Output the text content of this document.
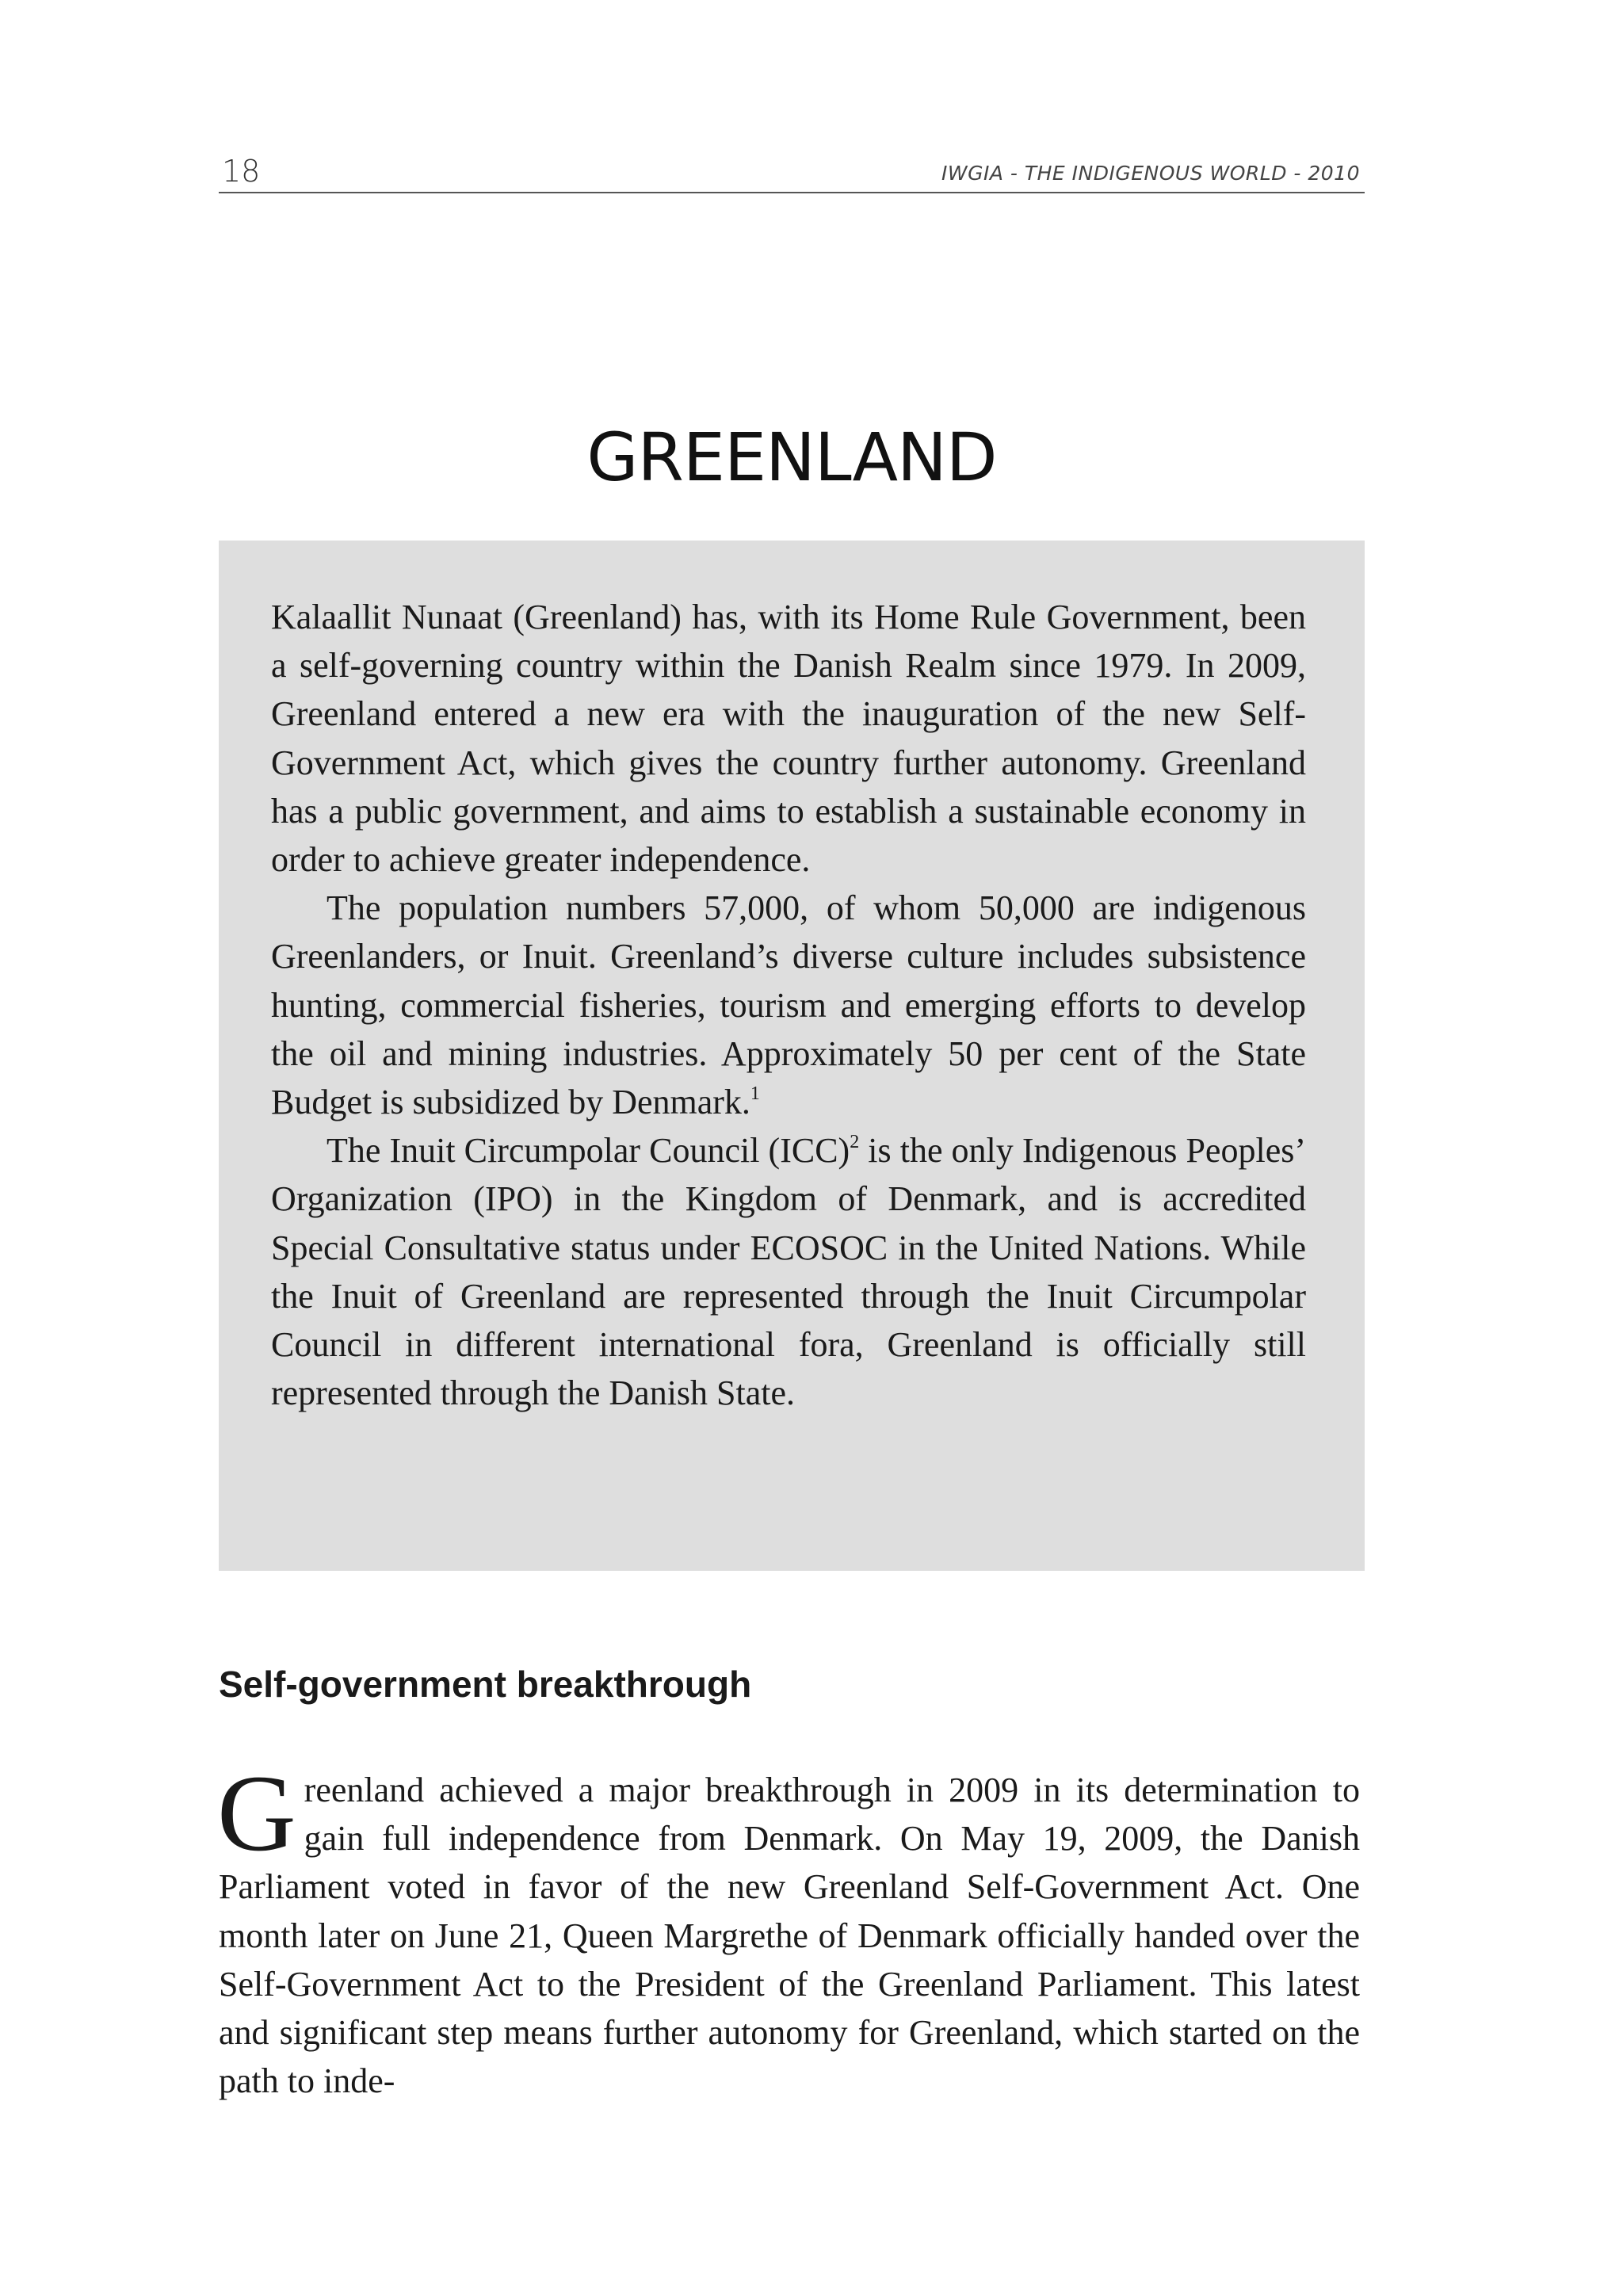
18	IWGIA - THE INDIGENOUS WORLD - 2010
GREENLAND

Kalaallit Nunaat (Greenland) has, with its Home Rule Government, been a self-governing country within the Danish Realm since 1979. In 2009, Greenland entered a new era with the inauguration of the new Self-Government Act, which gives the country further autonomy. Greenland has a public government, and aims to establish a sustainable economy in order to achieve greater independence.

The population numbers 57,000, of whom 50,000 are indigenous Greenlanders, or Inuit. Greenland’s diverse culture includes subsistence hunting, commercial fisheries, tourism and emerging efforts to develop the oil and mining industries. Approximately 50 per cent of the State Budget is subsidized by Denmark.$^1$

The Inuit Circumpolar Council (ICC)$^2$ is the only Indigenous Peoples’ Organization (IPO) in the Kingdom of Denmark, and is accredited Special Consultative status under ECOSOC in the United Nations. While the Inuit of Greenland are represented through the Inuit Circumpolar Council in different international fora, Greenland is officially still represented through the Danish State.

Self-government breakthrough

Greenland achieved a major breakthrough in 2009 in its determination to gain full independence from Denmark. On May 19, 2009, the Danish Parliament voted in favor of the new Greenland Self-Government Act. One month later on June 21, Queen Margrethe of Denmark officially handed over the Self-Government Act to the President of the Greenland Parliament. This latest and significant step means further autonomy for Greenland, which started on the path to inde-
